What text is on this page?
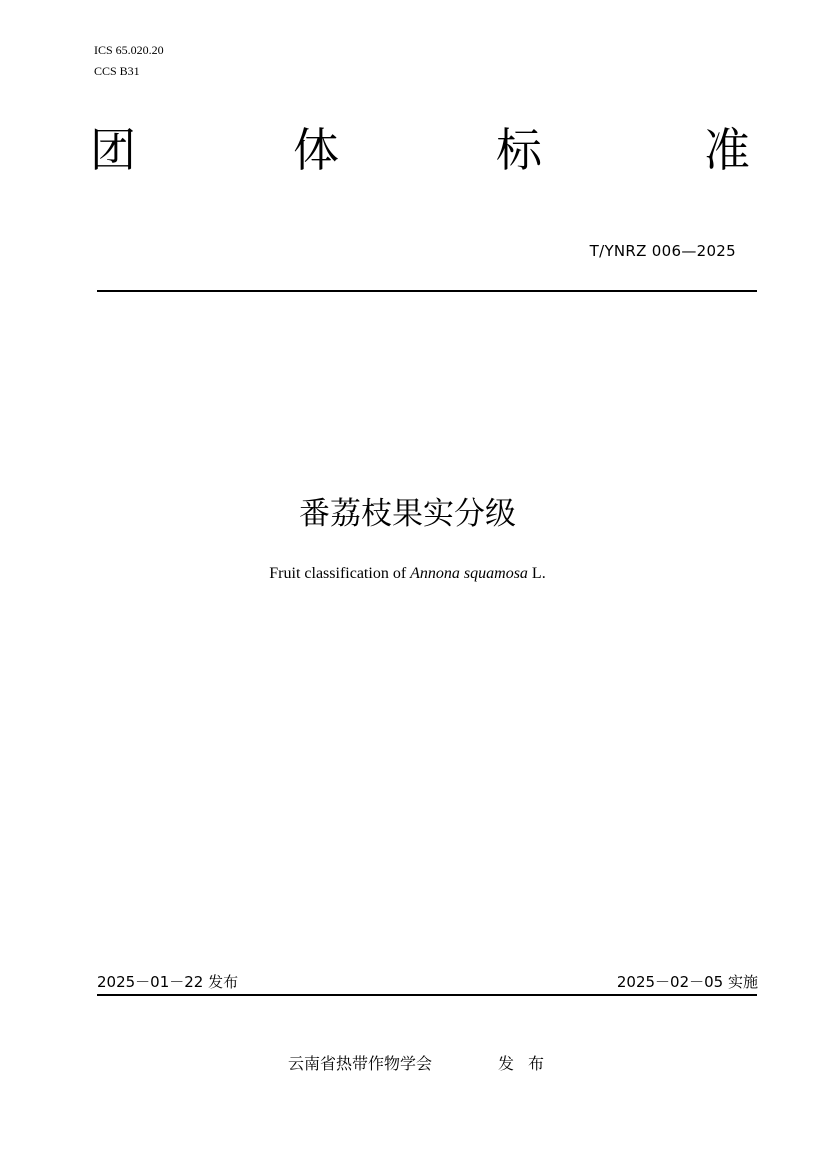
ICS 65.020.20
CCS B31
团	体	标	准
T/YNRZ 006—2025
番荔枝果实分级
Fruit classification of Annona squamosa L.
2025－01－22 发布	2025－02－05 实施
云南省热带作物学会	发布
